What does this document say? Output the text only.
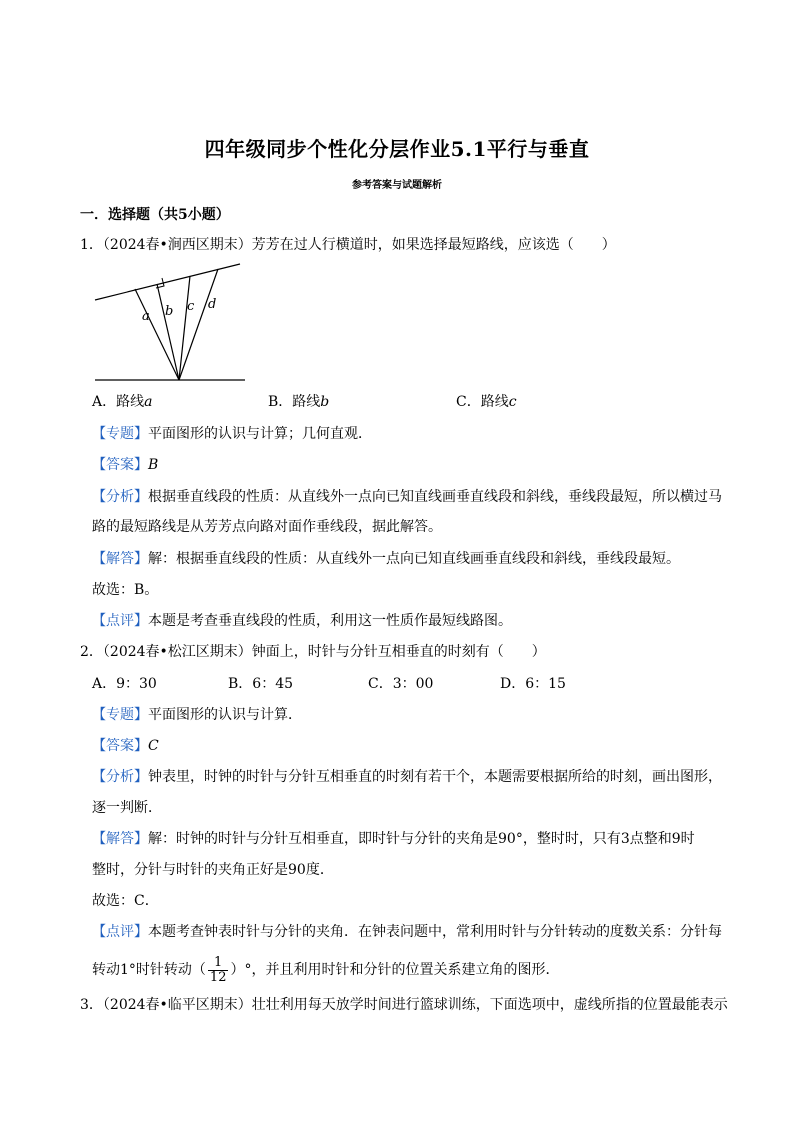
四年级同步个性化分层作业5.1平行与垂直
参考答案与试题解析
一．选择题（共5小题）
1．（2024春•涧西区期末）芳芳在过人行横道时，如果选择最短路线，应该选（　　）
a b c d
A．路线a	B．路线b	C．路线c
【专题】平面图形的认识与计算；几何直观．
【答案】B
【分析】根据垂直线段的性质：从直线外一点向已知直线画垂直线段和斜线，垂线段最短，所以横过马
路的最短路线是从芳芳点向路对面作垂线段，据此解答。
【解答】解：根据垂直线段的性质：从直线外一点向已知直线画垂直线段和斜线，垂线段最短。
故选：B。
【点评】本题是考查垂直线段的性质，利用这一性质作最短线路图。
2．（2024春•松江区期末）钟面上，时针与分针互相垂直的时刻有（　　）
A．9：30	B．6：45	C．3：00	D．6：15
【专题】平面图形的认识与计算．
【答案】C
【分析】钟表里，时钟的时针与分针互相垂直的时刻有若干个，本题需要根据所给的时刻，画出图形，
逐一判断．
【解答】解：时钟的时针与分针互相垂直，即时针与分针的夹角是90°，整时时，只有3点整和9时
整时，分针与时针的夹角正好是90度．
故选：C．
【点评】本题考查钟表时针与分针的夹角．在钟表问题中，常利用时针与分针转动的度数关系：分针每
转动1°时针转动（ $\frac{1}{12}$ ）°，并且利用时针和分针的位置关系建立角的图形．
3．（2024春•临平区期末）壮壮利用每天放学时间进行篮球训练，下面选项中，虚线所指的位置最能表示
